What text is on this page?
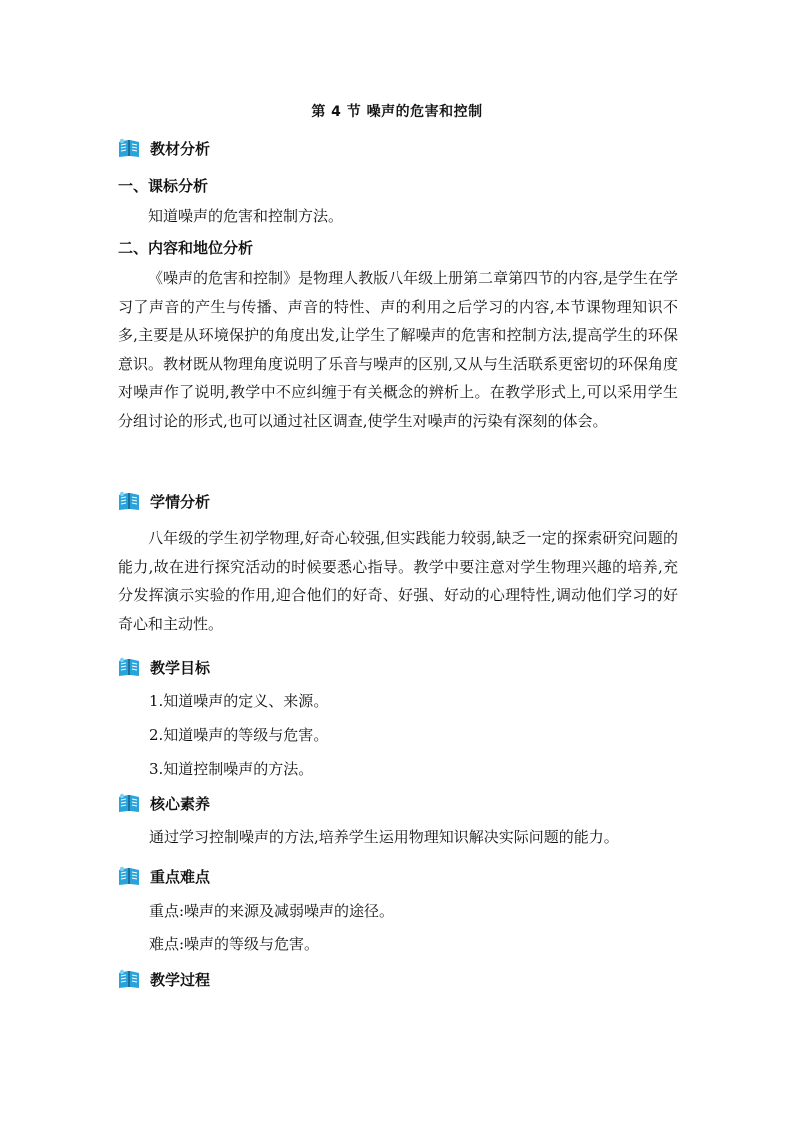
第 4 节 噪声的危害和控制
教材分析
一、课标分析

知道噪声的危害和控制方法。

二、内容和地位分析

《噪声的危害和控制》是物理人教版八年级上册第二章第四节的内容,是学生在学习了声音的产生与传播、声音的特性、声的利用之后学习的内容,本节课物理知识不多,主要是从环境保护的角度出发,让学生了解噪声的危害和控制方法,提高学生的环保意识。教材既从物理角度说明了乐音与噪声的区别,又从与生活联系更密切的环保角度对噪声作了说明,教学中不应纠缠于有关概念的辨析上。在教学形式上,可以采用学生分组讨论的形式,也可以通过社区调查,使学生对噪声的污染有深刻的体会。

学情分析

八年级的学生初学物理,好奇心较强,但实践能力较弱,缺乏一定的探索研究问题的能力,故在进行探究活动的时候要悉心指导。教学中要注意对学生物理兴趣的培养,充分发挥演示实验的作用,迎合他们的好奇、好强、好动的心理特性,调动他们学习的好奇心和主动性。

教学目标

1.知道噪声的定义、来源。

2.知道噪声的等级与危害。

3.知道控制噪声的方法。

核心素养

通过学习控制噪声的方法,培养学生运用物理知识解决实际问题的能力。

重点难点

重点:噪声的来源及减弱噪声的途径。

难点:噪声的等级与危害。

教学过程
